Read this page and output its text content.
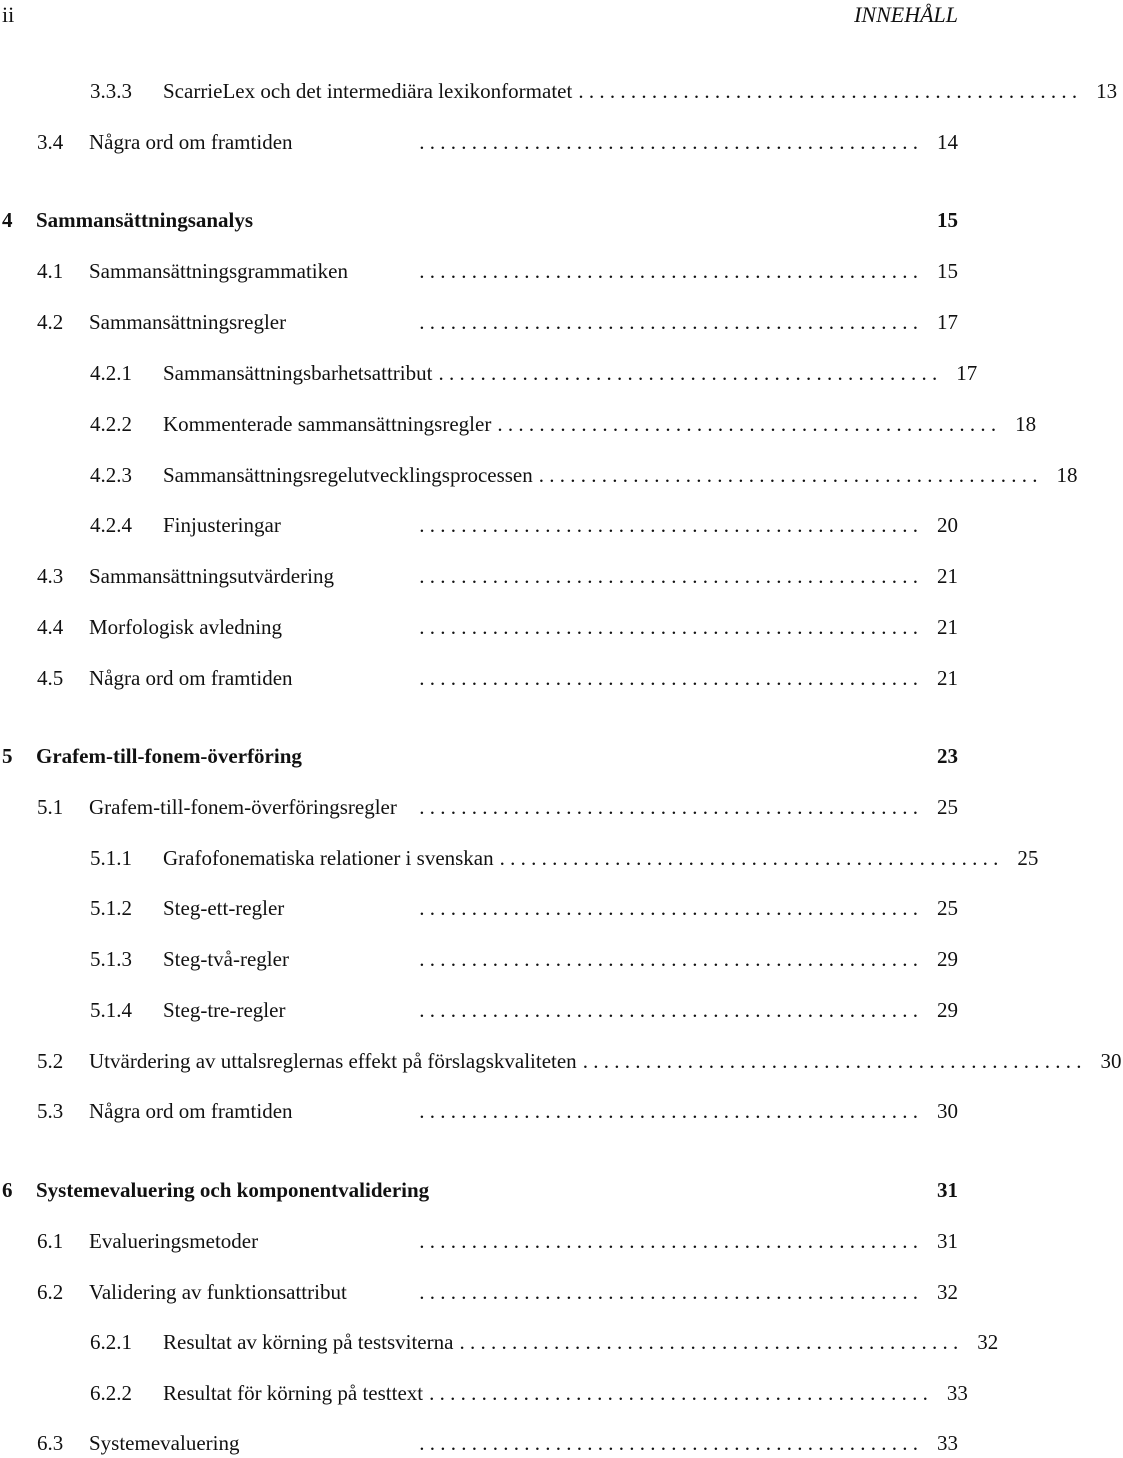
ii	INNEHÅLL
3.3.3	ScarrieLex och det intermediära lexikonformatet . . . . . . . . . . . . . . . . . . . . . . . . . . . . . . . . . . . . . . . . . . . . . . . . 13
3.4	Några ord om framtiden	. . . . . . . . . . . . . . . . . . . . . . . . . . . . . . . . . . . . . . . . . . . . . . . . 14
4	Sammansättningsanalys	15
4.1	Sammansättningsgrammatiken	. . . . . . . . . . . . . . . . . . . . . . . . . . . . . . . . . . . . . . . . . . . . . . . . 15
4.2	Sammansättningsregler	. . . . . . . . . . . . . . . . . . . . . . . . . . . . . . . . . . . . . . . . . . . . . . . . 17
4.2.1	Sammansättningsbarhetsattribut . . . . . . . . . . . . . . . . . . . . . . . . . . . . . . . . . . . . . . . . . . . . . . . . 17
4.2.2	Kommenterade sammansättningsregler . . . . . . . . . . . . . . . . . . . . . . . . . . . . . . . . . . . . . . . . . . . . . . . . 18
4.2.3	Sammansättningsregelutvecklingsprocessen . . . . . . . . . . . . . . . . . . . . . . . . . . . . . . . . . . . . . . . . . . . . . . . . 18
4.2.4	Finjusteringar	. . . . . . . . . . . . . . . . . . . . . . . . . . . . . . . . . . . . . . . . . . . . . . . . 20
4.3	Sammansättningsutvärdering	. . . . . . . . . . . . . . . . . . . . . . . . . . . . . . . . . . . . . . . . . . . . . . . . 21
4.4	Morfologisk avledning	. . . . . . . . . . . . . . . . . . . . . . . . . . . . . . . . . . . . . . . . . . . . . . . . 21
4.5	Några ord om framtiden	. . . . . . . . . . . . . . . . . . . . . . . . . . . . . . . . . . . . . . . . . . . . . . . . 21
5	Grafem-till-fonem-överföring	23
5.1	Grafem-till-fonem-överföringsregler	. . . . . . . . . . . . . . . . . . . . . . . . . . . . . . . . . . . . . . . . . . . . . . . . 25
5.1.1	Grafofonematiska relationer i svenskan . . . . . . . . . . . . . . . . . . . . . . . . . . . . . . . . . . . . . . . . . . . . . . . . 25
5.1.2	Steg-ett-regler	. . . . . . . . . . . . . . . . . . . . . . . . . . . . . . . . . . . . . . . . . . . . . . . . 25
5.1.3	Steg-två-regler	. . . . . . . . . . . . . . . . . . . . . . . . . . . . . . . . . . . . . . . . . . . . . . . . 29
5.1.4	Steg-tre-regler	. . . . . . . . . . . . . . . . . . . . . . . . . . . . . . . . . . . . . . . . . . . . . . . . 29
5.2	Utvärdering av uttalsreglernas effekt på förslagskvaliteten . . . . . . . . . . . . . . . . . . . . . . . . . . . . . . . . . . . . . . . . . . . . . . . . 30
5.3	Några ord om framtiden	. . . . . . . . . . . . . . . . . . . . . . . . . . . . . . . . . . . . . . . . . . . . . . . . 30
6	Systemevaluering och komponentvalidering	31
6.1	Evalueringsmetoder	. . . . . . . . . . . . . . . . . . . . . . . . . . . . . . . . . . . . . . . . . . . . . . . . 31
6.2	Validering av funktionsattribut	. . . . . . . . . . . . . . . . . . . . . . . . . . . . . . . . . . . . . . . . . . . . . . . . 32
6.2.1	Resultat av körning på testsviterna . . . . . . . . . . . . . . . . . . . . . . . . . . . . . . . . . . . . . . . . . . . . . . . . 32
6.2.2	Resultat för körning på testtext . . . . . . . . . . . . . . . . . . . . . . . . . . . . . . . . . . . . . . . . . . . . . . . . 33
6.3	Systemevaluering	. . . . . . . . . . . . . . . . . . . . . . . . . . . . . . . . . . . . . . . . . . . . . . . . 33
